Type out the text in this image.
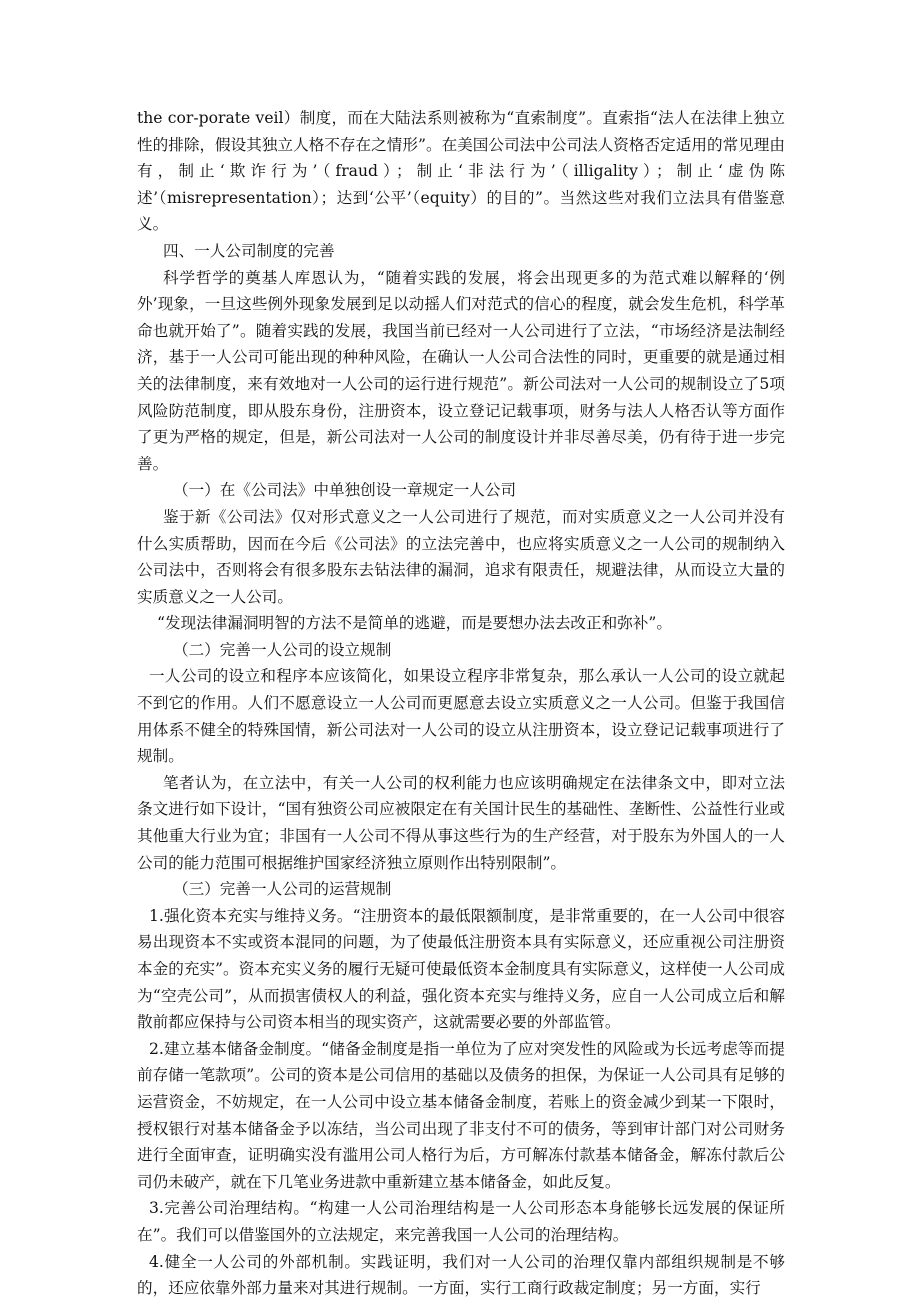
the cor-porate veil）制度，而在大陆法系则被称为“直索制度”。直索指“法人在法律上独立性的排除，假设其独立人格不存在之情形”。在美国公司法中公司法人资格否定适用的常见理由有，制止‘欺诈行为’（fraud）；制止‘非法行为’（illigality）；制止‘虚伪陈述’（misrepresentation）；达到‘公平’（equity）的目的”。当然这些对我们立法具有借鉴意义。

四、一人公司制度的完善

科学哲学的奠基人库恩认为，“随着实践的发展，将会出现更多的为范式难以解释的‘例外’现象，一旦这些例外现象发展到足以动摇人们对范式的信心的程度，就会发生危机，科学革命也就开始了”。随着实践的发展，我国当前已经对一人公司进行了立法，“市场经济是法制经济，基于一人公司可能出现的种种风险，在确认一人公司合法性的同时，更重要的就是通过相关的法律制度，来有效地对一人公司的运行进行规范”。新公司法对一人公司的规制设立了5项风险防范制度，即从股东身份，注册资本，设立登记记载事项，财务与法人人格否认等方面作了更为严格的规定，但是，新公司法对一人公司的制度设计并非尽善尽美，仍有待于进一步完善。

（一）在《公司法》中单独创设一章规定一人公司

鉴于新《公司法》仅对形式意义之一人公司进行了规范，而对实质意义之一人公司并没有什么实质帮助，因而在今后《公司法》的立法完善中，也应将实质意义之一人公司的规制纳入公司法中，否则将会有很多股东去钻法律的漏洞，追求有限责任，规避法律，从而设立大量的实质意义之一人公司。

“发现法律漏洞明智的方法不是简单的逃避，而是要想办法去改正和弥补”。

（二）完善一人公司的设立规制

一人公司的设立和程序本应该简化，如果设立程序非常复杂，那么承认一人公司的设立就起不到它的作用。人们不愿意设立一人公司而更愿意去设立实质意义之一人公司。但鉴于我国信用体系不健全的特殊国情，新公司法对一人公司的设立从注册资本，设立登记记载事项进行了规制。

笔者认为，在立法中，有关一人公司的权利能力也应该明确规定在法律条文中，即对立法条文进行如下设计，“国有独资公司应被限定在有关国计民生的基础性、垄断性、公益性行业或其他重大行业为宜；非国有一人公司不得从事这些行为的生产经营，对于股东为外国人的一人公司的能力范围可根据维护国家经济独立原则作出特别限制”。

（三）完善一人公司的运营规制

1.强化资本充实与维持义务。“注册资本的最低限额制度，是非常重要的，在一人公司中很容易出现资本不实或资本混同的问题，为了使最低注册资本具有实际意义，还应重视公司注册资本金的充实”。资本充实义务的履行无疑可使最低资本金制度具有实际意义，这样使一人公司成为“空壳公司”，从而损害债权人的利益，强化资本充实与维持义务，应自一人公司成立后和解散前都应保持与公司资本相当的现实资产，这就需要必要的外部监管。

2.建立基本储备金制度。“储备金制度是指一单位为了应对突发性的风险或为长远考虑等而提前存储一笔款项”。公司的资本是公司信用的基础以及债务的担保，为保证一人公司具有足够的运营资金，不妨规定，在一人公司中设立基本储备金制度，若账上的资金减少到某一下限时，授权银行对基本储备金予以冻结，当公司出现了非支付不可的债务，等到审计部门对公司财务进行全面审查，证明确实没有滥用公司人格行为后，方可解冻付款基本储备金，解冻付款后公司仍未破产，就在下几笔业务进款中重新建立基本储备金，如此反复。

3.完善公司治理结构。“构建一人公司治理结构是一人公司形态本身能够长远发展的保证所在”。我们可以借鉴国外的立法规定，来完善我国一人公司的治理结构。

4.健全一人公司的外部机制。实践证明，我们对一人公司的治理仅靠内部组织规制是不够的，还应依靠外部力量来对其进行规制。一方面，实行工商行政裁定制度；另一方面，实行
